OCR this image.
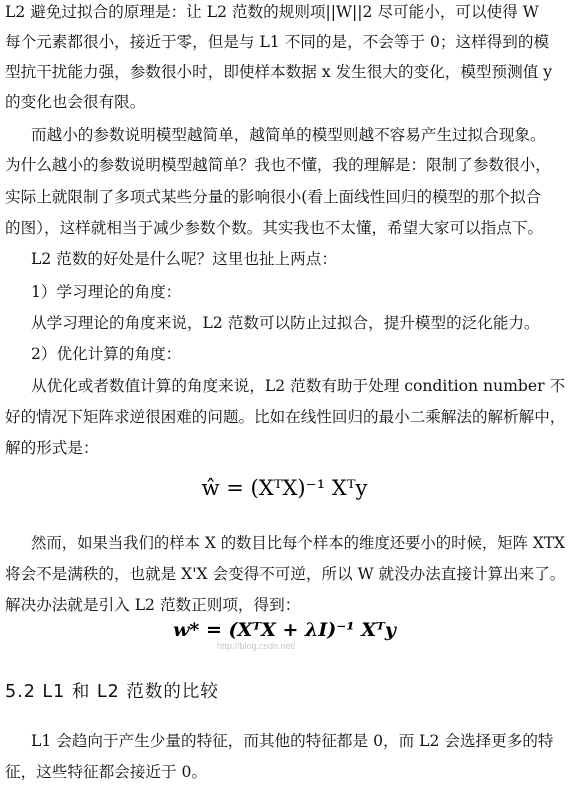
L2 避免过拟合的原理是：让 L2 范数的规则项||W||2 尽可能小，可以使得 W
每个元素都很小，接近于零，但是与 L1 不同的是，不会等于 0；这样得到的模
型抗干扰能力强，参数很小时，即使样本数据 x 发生很大的变化，模型预测值 y
的变化也会很有限。
而越小的参数说明模型越简单，越简单的模型则越不容易产生过拟合现象。
为什么越小的参数说明模型越简单？我也不懂，我的理解是：限制了参数很小，
实际上就限制了多项式某些分量的影响很小(看上面线性回归的模型的那个拟合
的图），这样就相当于减少参数个数。其实我也不太懂，希望大家可以指点下。
L2 范数的好处是什么呢？这里也扯上两点：
1）学习理论的角度：
从学习理论的角度来说，L2 范数可以防止过拟合，提升模型的泛化能力。
2）优化计算的角度：
从优化或者数值计算的角度来说，L2 范数有助于处理 condition number 不
好的情况下矩阵求逆很困难的问题。比如在线性回归的最小二乘解法的解析解中，
解的形式是：
ŵ = (XᵀX)⁻¹ Xᵀy
然而，如果当我们的样本 X 的数目比每个样本的维度还要小的时候，矩阵 XTX
将会不是满秩的，也就是 X'X 会变得不可逆，所以 W 就没办法直接计算出来了。
解决办法就是引入 L2 范数正则项，得到：
w* = (XᵀX + λI)⁻¹ Xᵀy
http://blog.csdn.net/
5.2 L1 和 L2 范数的比较
L1 会趋向于产生少量的特征，而其他的特征都是 0，而 L2 会选择更多的特
征，这些特征都会接近于 0。
